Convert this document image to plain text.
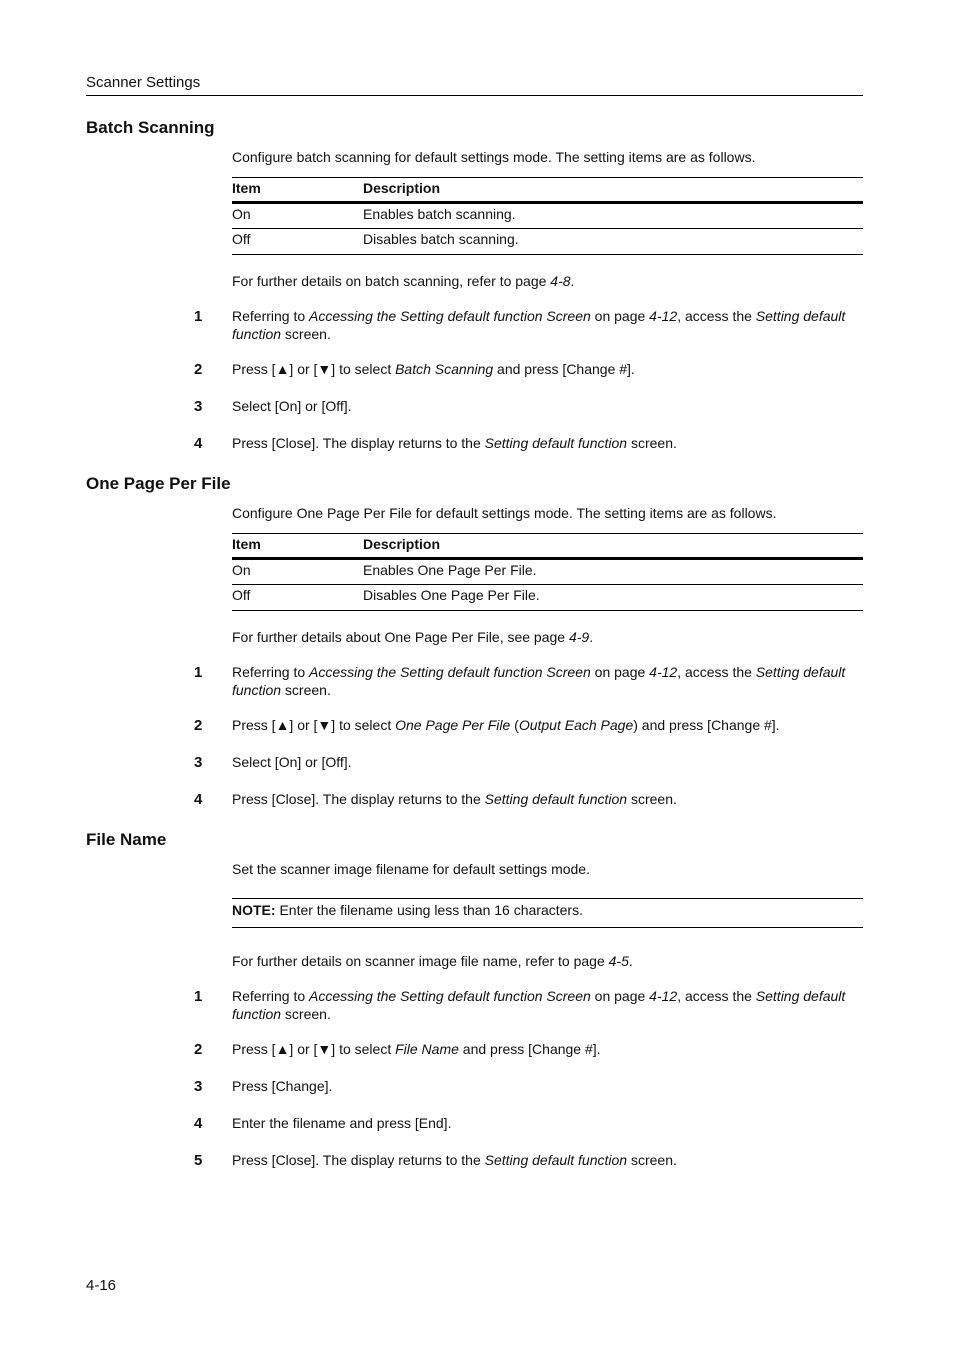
Scanner Settings
Batch Scanning
Configure batch scanning for default settings mode. The setting items are as follows.
Item	Description
On	Enables batch scanning.
Off	Disables batch scanning.
For further details on batch scanning, refer to page 4-8.
1	Referring to Accessing the Setting default function Screen on page 4-12, access the Setting default function screen.
2	Press [▲] or [▼] to select Batch Scanning and press [Change #].
3	Select [On] or [Off].
4	Press [Close]. The display returns to the Setting default function screen.
One Page Per File
Configure One Page Per File for default settings mode. The setting items are as follows.
Item	Description
On	Enables One Page Per File.
Off	Disables One Page Per File.
For further details about One Page Per File, see page 4-9.
1	Referring to Accessing the Setting default function Screen on page 4-12, access the Setting default function screen.
2	Press [▲] or [▼] to select One Page Per File (Output Each Page) and press [Change #].
3	Select [On] or [Off].
4	Press [Close]. The display returns to the Setting default function screen.
File Name
Set the scanner image filename for default settings mode.
NOTE: Enter the filename using less than 16 characters.
For further details on scanner image file name, refer to page 4-5.
1	Referring to Accessing the Setting default function Screen on page 4-12, access the Setting default function screen.
2	Press [▲] or [▼] to select File Name and press [Change #].
3	Press [Change].
4	Enter the filename and press [End].
5	Press [Close]. The display returns to the Setting default function screen.
4-16
